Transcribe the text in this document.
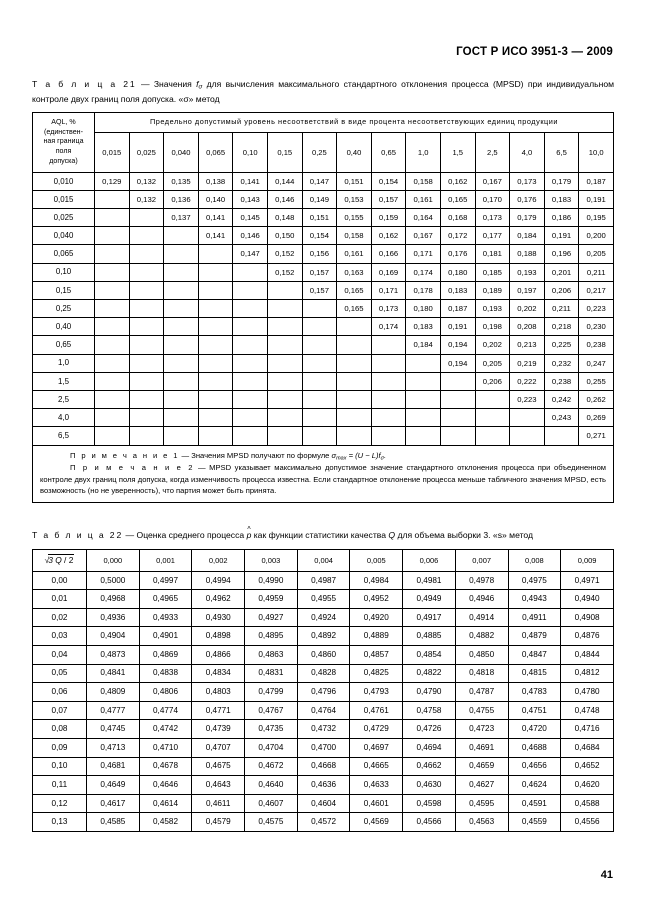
ГОСТ Р ИСО 3951-3 — 2009
Т а б л и ц а 21 — Значения $f_\sigma$ для вычисления максимального стандартного отклонения процесса (MPSD) при индивидуальном контроле двух границ поля допуска. «σ» метод
AQL, %
(единствен-
ная граница
поля
допуска)	Предельно допустимый уровень несоответствий в виде процента несоответствующих единиц продукции														
	0,015	0,025	0,040	0,065	0,10	0,15	0,25	0,40	0,65	1,0	1,5	2,5	4,0	6,5	10,0
0,010	0,129	0,132	0,135	0,138	0,141	0,144	0,147	0,151	0,154	0,158	0,162	0,167	0,173	0,179	0,187
0,015		0,132	0,136	0,140	0,143	0,146	0,149	0,153	0,157	0,161	0,165	0,170	0,176	0,183	0,191
0,025			0,137	0,141	0,145	0,148	0,151	0,155	0,159	0,164	0,168	0,173	0,179	0,186	0,195
0,040				0,141	0,146	0,150	0,154	0,158	0,162	0,167	0,172	0,177	0,184	0,191	0,200
0,065					0,147	0,152	0,156	0,161	0,166	0,171	0,176	0,181	0,188	0,196	0,205
0,10						0,152	0,157	0,163	0,169	0,174	0,180	0,185	0,193	0,201	0,211
0,15							0,157	0,165	0,171	0,178	0,183	0,189	0,197	0,206	0,217
0,25								0,165	0,173	0,180	0,187	0,193	0,202	0,211	0,223
0,40									0,174	0,183	0,191	0,198	0,208	0,218	0,230
0,65										0,184	0,194	0,202	0,213	0,225	0,238
1,0											0,194	0,205	0,219	0,232	0,247
1,5												0,206	0,222	0,238	0,255
2,5													0,223	0,242	0,262
4,0														0,243	0,269
6,5															0,271

П р и м е ч а н и е 1 — Значения MPSD получают по формуле $\sigma_{max} = (U - L)f_\sigma$.

П р и м е ч а н и е 2 — MPSD указывает максимально допустимое значение стандартного отклонения процесса при объединенном контроле двух границ поля допуска, когда изменчивость процесса известна. Если стандартное отклонение процесса меньше табличного значения MPSD, есть возможность (но не уверенность), что партия может быть принята.															

Т а б л и ц а 22 — Оценка среднего процесса ^ p как функции статистики качества Q для объема выборки 3. «s» метод
√3 Q / 2	0,000	0,001	0,002	0,003	0,004	0,005	0,006	0,007	0,008	0,009
0,00	0,5000	0,4997	0,4994	0,4990	0,4987	0,4984	0,4981	0,4978	0,4975	0,4971
0,01	0,4968	0,4965	0,4962	0,4959	0,4955	0,4952	0,4949	0,4946	0,4943	0,4940
0,02	0,4936	0,4933	0,4930	0,4927	0,4924	0,4920	0,4917	0,4914	0,4911	0,4908
0,03	0,4904	0,4901	0,4898	0,4895	0,4892	0,4889	0,4885	0,4882	0,4879	0,4876
0,04	0,4873	0,4869	0,4866	0,4863	0,4860	0,4857	0,4854	0,4850	0,4847	0,4844
0,05	0,4841	0,4838	0,4834	0,4831	0,4828	0,4825	0,4822	0,4818	0,4815	0,4812
0,06	0,4809	0,4806	0,4803	0,4799	0,4796	0,4793	0,4790	0,4787	0,4783	0,4780
0,07	0,4777	0,4774	0,4771	0,4767	0,4764	0,4761	0,4758	0,4755	0,4751	0,4748
0,08	0,4745	0,4742	0,4739	0,4735	0,4732	0,4729	0,4726	0,4723	0,4720	0,4716
0,09	0,4713	0,4710	0,4707	0,4704	0,4700	0,4697	0,4694	0,4691	0,4688	0,4684
0,10	0,4681	0,4678	0,4675	0,4672	0,4668	0,4665	0,4662	0,4659	0,4656	0,4652
0,11	0,4649	0,4646	0,4643	0,4640	0,4636	0,4633	0,4630	0,4627	0,4624	0,4620
0,12	0,4617	0,4614	0,4611	0,4607	0,4604	0,4601	0,4598	0,4595	0,4591	0,4588
0,13	0,4585	0,4582	0,4579	0,4575	0,4572	0,4569	0,4566	0,4563	0,4559	0,4556
41
